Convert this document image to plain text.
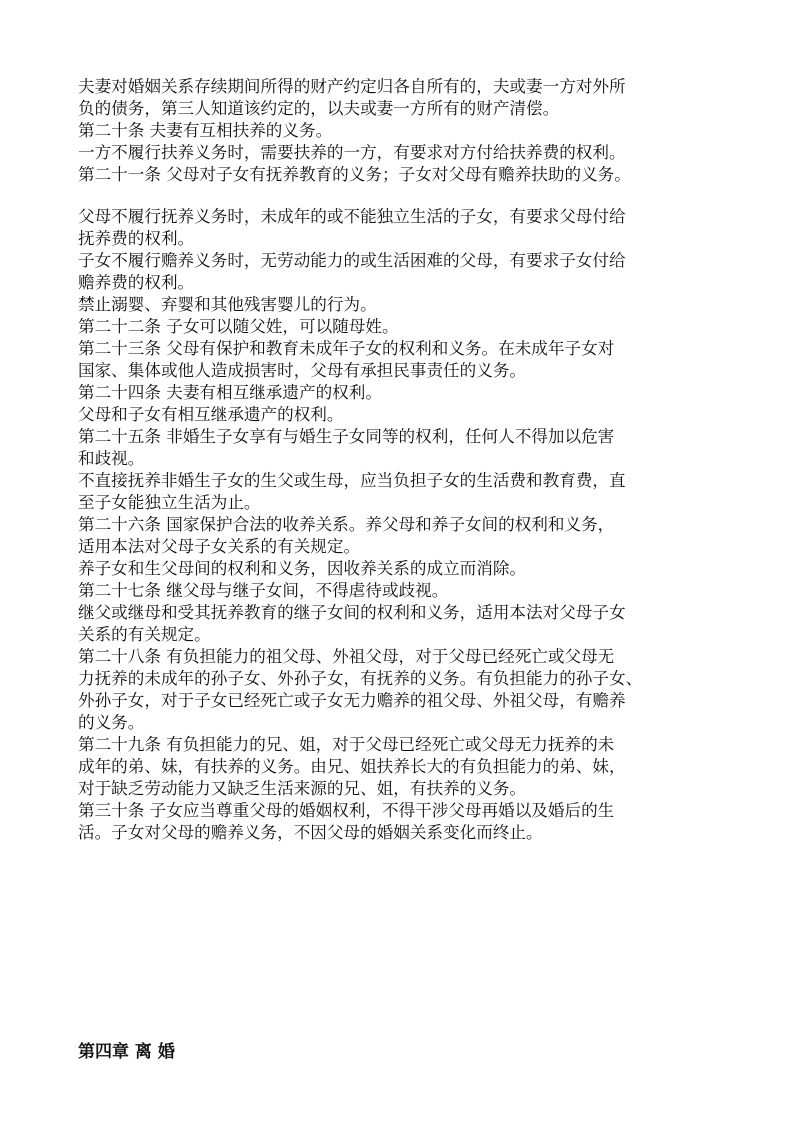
夫妻对婚姻关系存续期间所得的财产约定归各自所有的，夫或妻一方对外所
负的债务，第三人知道该约定的，以夫或妻一方所有的财产清偿。
第二十条 夫妻有互相扶养的义务。
一方不履行扶养义务时，需要扶养的一方，有要求对方付给扶养费的权利。
第二十一条 父母对子女有抚养教育的义务；子女对父母有赡养扶助的义务。
父母不履行抚养义务时，未成年的或不能独立生活的子女，有要求父母付给
抚养费的权利。
子女不履行赡养义务时，无劳动能力的或生活困难的父母，有要求子女付给
赡养费的权利。
禁止溺婴、弃婴和其他残害婴儿的行为。
第二十二条 子女可以随父姓，可以随母姓。
第二十三条 父母有保护和教育未成年子女的权利和义务。在未成年子女对
国家、集体或他人造成损害时，父母有承担民事责任的义务。
第二十四条 夫妻有相互继承遗产的权利。
父母和子女有相互继承遗产的权利。
第二十五条 非婚生子女享有与婚生子女同等的权利，任何人不得加以危害
和歧视。
不直接抚养非婚生子女的生父或生母，应当负担子女的生活费和教育费，直
至子女能独立生活为止。
第二十六条 国家保护合法的收养关系。养父母和养子女间的权利和义务，
适用本法对父母子女关系的有关规定。
养子女和生父母间的权利和义务，因收养关系的成立而消除。
第二十七条 继父母与继子女间，不得虐待或歧视。
继父或继母和受其抚养教育的继子女间的权利和义务，适用本法对父母子女
关系的有关规定。
第二十八条 有负担能力的祖父母、外祖父母，对于父母已经死亡或父母无
力抚养的未成年的孙子女、外孙子女，有抚养的义务。有负担能力的孙子女、
外孙子女，对于子女已经死亡或子女无力赡养的祖父母、外祖父母，有赡养
的义务。
第二十九条 有负担能力的兄、姐，对于父母已经死亡或父母无力抚养的未
成年的弟、妹，有扶养的义务。由兄、姐扶养长大的有负担能力的弟、妹，
对于缺乏劳动能力又缺乏生活来源的兄、姐，有扶养的义务。
第三十条 子女应当尊重父母的婚姻权利，不得干涉父母再婚以及婚后的生
活。子女对父母的赡养义务，不因父母的婚姻关系变化而终止。
第四章 离 婚
